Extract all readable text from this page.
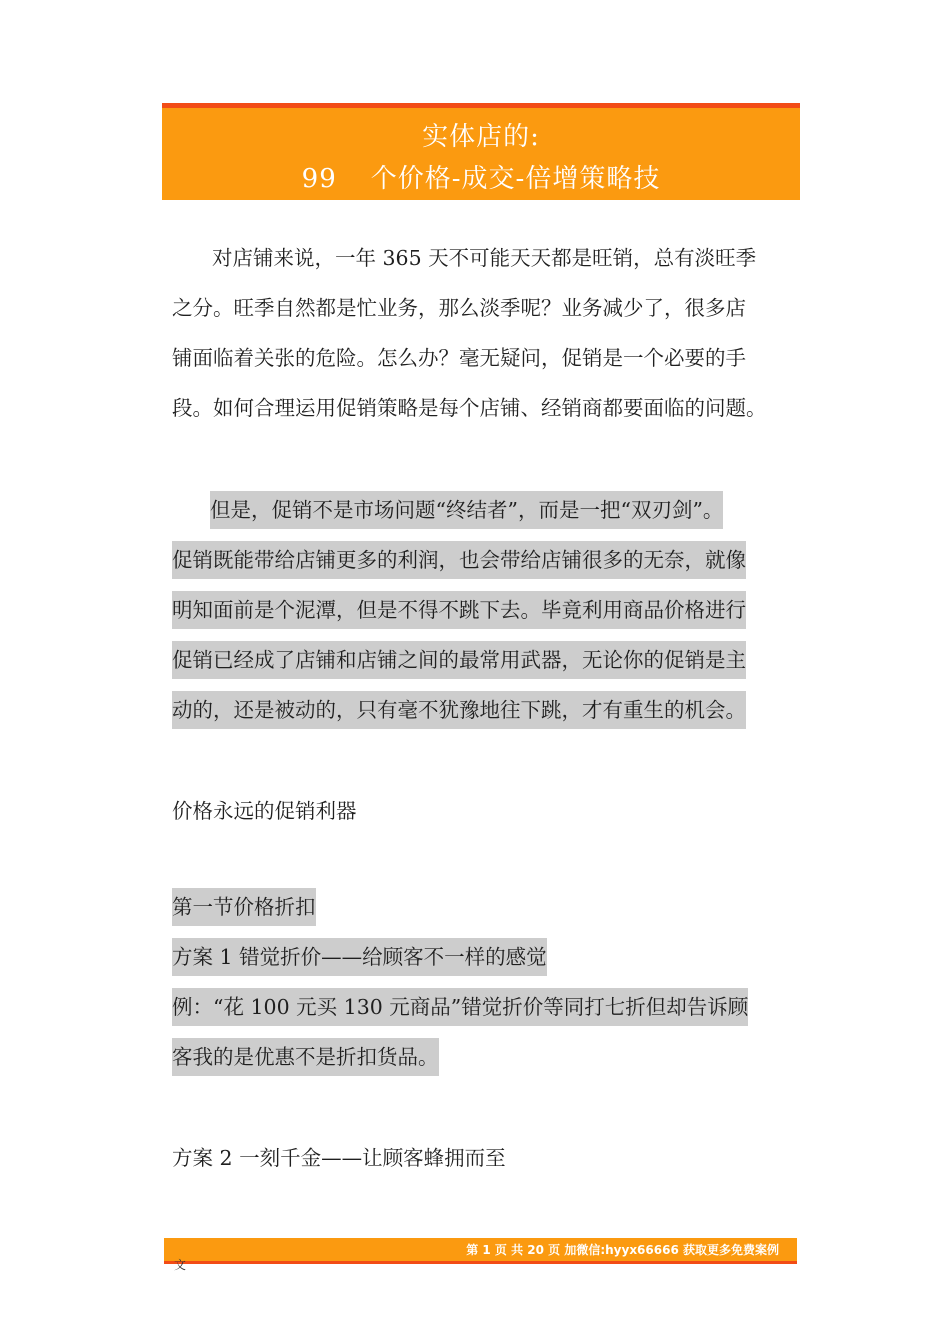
实体店的:
99 个价格-成交-倍增策略技

对店铺来说，一年 365 天不可能天天都是旺销，总有淡旺季

之分。旺季自然都是忙业务，那么淡季呢？业务减少了，很多店

铺面临着关张的危险。怎么办？毫无疑问，促销是一个必要的手

段。如何合理运用促销策略是每个店铺、经销商都要面临的问题。

但是，促销不是市场问题“终结者”，而是一把“双刃剑”。

促销既能带给店铺更多的利润，也会带给店铺很多的无奈，就像

明知面前是个泥潭，但是不得不跳下去。毕竟利用商品价格进行

促销已经成了店铺和店铺之间的最常用武器，无论你的促销是主

动的，还是被动的，只有毫不犹豫地往下跳，才有重生的机会。

价格永远的促销利器

第一节价格折扣

方案 1 错觉折价——给顾客不一样的感觉

例：“花 100 元买 130 元商品”错觉折价等同打七折但却告诉顾

客我的是优惠不是折扣货品。

方案 2 一刻千金——让顾客蜂拥而至
第 1 页 共 20 页 加微信:hyyx66666 获取更多免费案例
文
